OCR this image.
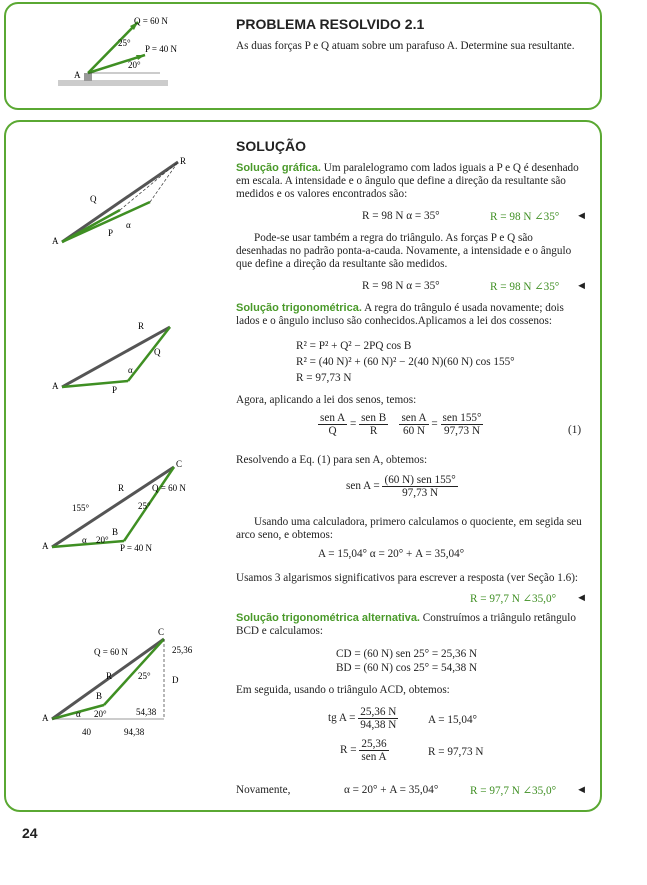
Q = 60 N
P = 40 N
A
25°
20°
PROBLEMA RESOLVIDO 2.1
As duas forças P e Q atuam sobre um parafuso A. Determine sua resultante.
R
Q
P
A
α
R
Q
P
A
α
C
R	Q = 60 N
155°	25°
B
A
α 20°
P = 40 N
C
Q = 60 N	25,36
D
R	25°
B
A	α 20°	54,38
40	94,38
SOLUÇÃO
Solução gráfica. Um paralelogramo com lados iguais a P e Q é desenhado em escala. A intensidade e o ângulo que define a direção da resultante são medidos e os valores encontrados são:
R = 98 N α = 35°	R = 98 N ∠35° ◄
Pode-se usar também a regra do triângulo. As forças P e Q são desenhadas no padrão ponta-a-cauda. Novamente, a intensidade e o ângulo que define a direção da resultante são medidos.
R = 98 N α = 35°	R = 98 N ∠35° ◄
Solução trigonométrica. A regra do trângulo é usada novamente; dois lados e o ângulo incluso são conhecidos.Aplicamos a lei dos cossenos:
R² = P² + Q² − 2PQ cos B
R² = (40 N)² + (60 N)² − 2(40 N)(60 N) cos 155°
R = 97,73 N
Agora, aplicando a lei dos senos, temos:
$\frac{\text{sen A}}{Q} = \frac{\text{sen B}}{R}$
$\frac{\text{sen A}}{60 N} = \frac{\text{sen 155°}}{97,73 N}$	(1)
Resolvendo a Eq. (1) para sen A, obtemos:
sen $A = \frac{\text{(60 N) sen 155°}}{97,73 N}$
Usando uma calculadora, primero calculamos o quociente, em segida seu arco seno, e obtemos:
A = 15,04° α = 20° + A = 35,04°
Usamos 3 algarismos significativos para escrever a resposta (ver Seção 1.6):
R = 97,7 N ∠35,0° ◄
Solução trigonométrica alternativa. Construímos a triângulo retângulo BCD e calculamos:
CD = (60 N) sen 25° = 25,36 N
BD = (60 N) cos 25° = 54,38 N
Em seguida, usando o triângulo ACD, obtemos:
tg $A = \frac{25,36 N}{94,38 N}$	A = 15,04°
$R = \frac{25,36}{\text{sen A}}$	R = 97,73 N
Novamente,	α = 20° + A = 35,04°	R = 97,7 N ∠35,0° ◄
24
